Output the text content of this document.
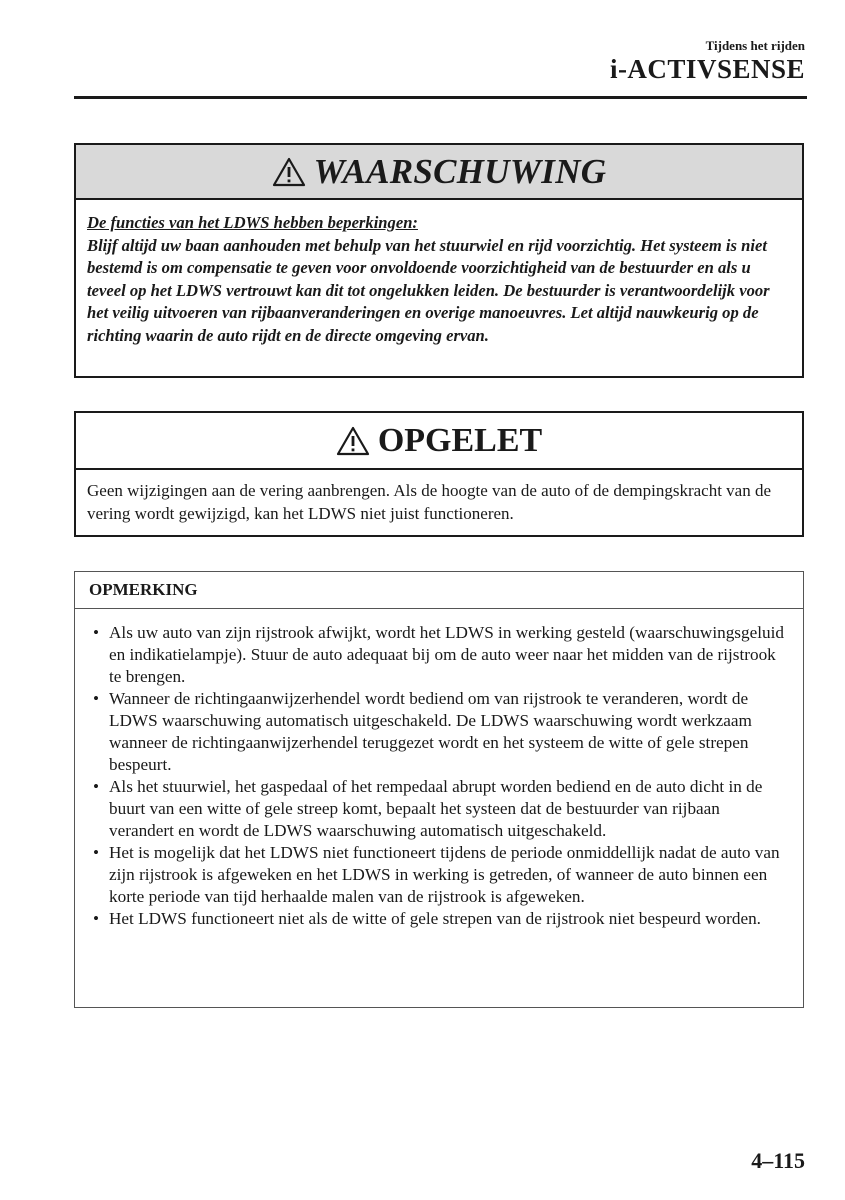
Tijdens het rijden
i-ACTIVSENSE
WAARSCHUWING
De functies van het LDWS hebben beperkingen:
Blijf altijd uw baan aanhouden met behulp van het stuurwiel en rijd voorzichtig. Het systeem is niet bestemd is om compensatie te geven voor onvoldoende voorzichtigheid van de bestuurder en als u teveel op het LDWS vertrouwt kan dit tot ongelukken leiden. De bestuurder is verantwoordelijk voor het veilig uitvoeren van rijbaanveranderingen en overige manoeuvres. Let altijd nauwkeurig op de richting waarin de auto rijdt en de directe omgeving ervan.
OPGELET
Geen wijzigingen aan de vering aanbrengen. Als de hoogte van de auto of de dempingskracht van de vering wordt gewijzigd, kan het LDWS niet juist functioneren.
OPMERKING
• Als uw auto van zijn rijstrook afwijkt, wordt het LDWS in werking gesteld (waarschuwingsgeluid en indikatielampje). Stuur de auto adequaat bij om de auto weer naar het midden van de rijstrook te brengen.
• Wanneer de richtingaanwijzerhendel wordt bediend om van rijstrook te veranderen, wordt de LDWS waarschuwing automatisch uitgeschakeld. De LDWS waarschuwing wordt werkzaam wanneer de richtingaanwijzerhendel teruggezet wordt en het systeem de witte of gele strepen bespeurt.
• Als het stuurwiel, het gaspedaal of het rempedaal abrupt worden bediend en de auto dicht in de buurt van een witte of gele streep komt, bepaalt het systeen dat de bestuurder van rijbaan verandert en wordt de LDWS waarschuwing automatisch uitgeschakeld.
• Het is mogelijk dat het LDWS niet functioneert tijdens de periode onmiddellijk nadat de auto van zijn rijstrook is afgeweken en het LDWS in werking is getreden, of wanneer de auto binnen een korte periode van tijd herhaalde malen van de rijstrook is afgeweken.
• Het LDWS functioneert niet als de witte of gele strepen van de rijstrook niet bespeurd worden.
4–115
